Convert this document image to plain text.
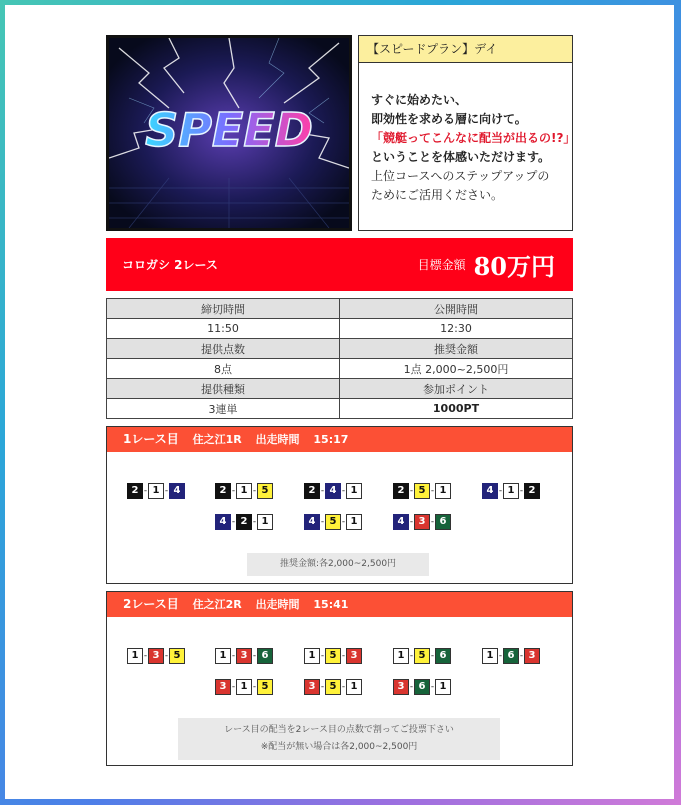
SPEED
【スピードプラン】デイ
すぐに始めたい、
即効性を求める層に向けて。
「競艇ってこんなに配当が出るの!?」
ということを体感いただけます。
上位コースへのステップアップの
ためにご活用ください。
コロガシ 2レース	目標金額 80万円
締切時間	公開時間
11:50	12:30
提供点数	推奨金額
8点	1点 2,000~2,500円
提供種類	参加ポイント
3連単	1000PT
1レース目 住之江1R 出走時間 15:17
2 - 1 - 4	2 - 1 - 5	2 - 4 - 1	2 - 5 - 1	4 - 1 - 2
4 - 2 - 1	4 - 5 - 1	4 - 3 - 6
推奨金額:各2,000~2,500円
2レース目 住之江2R 出走時間 15:41
1 - 3 - 5	1 - 3 - 6	1 - 5 - 3	1 - 5 - 6	1 - 6 - 3
3 - 1 - 5	3 - 5 - 1	3 - 6 - 1
レース目の配当を2レース目の点数で割ってご投票下さい
※配当が無い場合は各2,000~2,500円
